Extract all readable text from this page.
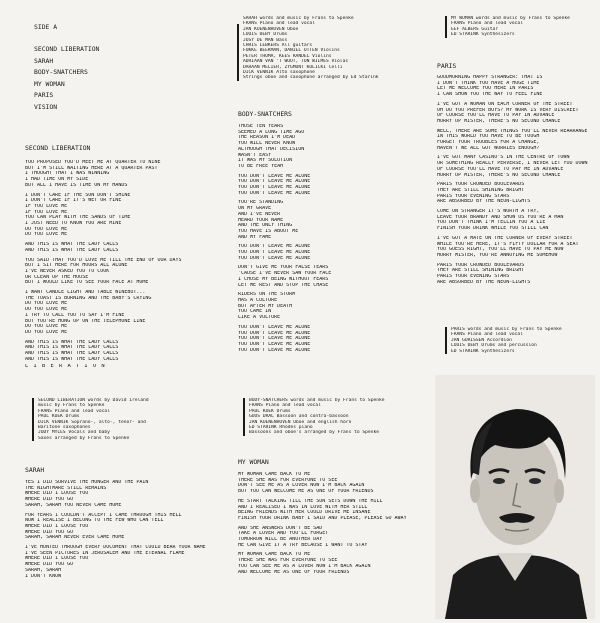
SIDE A
SECOND LIBERATION
SARAH
BODY-SNATCHERS
MY WOMAN
PARIS
VISION
SECOND LIBERATION
YOU PROPOSED YOU'D MEET ME AT QUARTER TO NINE
BUT I'M STILL WAITING HERE AT A QUARTER PAST
I THOUGHT THAT I WAS WINNING
I HAD TIME ON MY SIDE
BUT ALL I HAVE IS TIME ON MY HANDS
I DON'T CARE IF THE SUN DON'T SHINE
I DON'T CARE IF IT'S WET OR FINE
IF YOU LOVE ME
IF YOU LOVE ME
YOU CAN PLAY WITH THE SANDS OF TIME
I JUST NEED TO KNOW YOU ARE MINE
DO YOU LOVE ME
DO YOU LOVE ME
AND THIS IS WHAT THE LADY CALLS
AND THIS IS WHAT THE LADY CALLS
YOU SAID THAT YOU'D LOVE ME TILL THE END OF OUR DAYS
BUT I SIT HERE FOR HOURS ALL ALONE
I'VE NEVER ASKED YOU TO COOK
OR CLEAN UP THE HOUSE
BUT I WOULD LIKE TO SEE YOUR FACE AT HOME
I WANT CANDLE LIGHT AND TABLE WINEBUT...
THE TOAST IS BURNING AND THE BABY'S CRYING
DO YOU LOVE ME
DO YOU LOVE ME
I TRY TO CALL YOU TO SAY I'M FINE
BUT YOU'RE HUNG UP ON THE TELEPHONE LINE
DO YOU LOVE ME
DO YOU LOVE ME
AND THIS IS WHAT THE LADY CALLS
AND THIS IS WHAT THE LADY CALLS
AND THIS IS WHAT THE LADY CALLS
AND THIS IS WHAT THE LADY CALLS
L I B E R A T I O N
SECOND LIBERATION words by David Ireland
music by Frans to Spenke
FRANS Piano and lead vocal
PAUL KOEK Drums
DICK VENNIK Soprano-, alto-, tenor- and
Baritone saxophones
JODY MYLES Vocals and baby
Saxes arranged by Frans to Spenke
SARAH
YES I DID SURVIVE THE HUNGER AND THE PAIN
THE NIGHTMARE STILL REMAINS
WHERE DID I LOOSE YOU
WHERE DID YOU GO
SARAH, SARAH YOU NEVER CAME HOME
FOR YEARS I COULDN'T ACCEPT I CAME THROUGH THIS HELL
NOW I REALISE I BELONG TO THE FEW WHO CAN TELL
WHERE DID I LOOSE YOU
WHERE DID YOU GO
SARAH, SARAH NEVER EVER CAME HOME
I'VE HUNTED THROUGH EVERY DOCUMENT THAT COULD BEAR YOUR NAME
I'VE SEEN PICTURES IN JERUSALEM AND THE ETERNAL FLAME
WHERE DID I LOOSE YOU
WHERE DID YOU GO
SARAH, SARAH
I DON'T KNOW
SARAH words and music by Frans to Spenke
FRANS Piano and lead vocal
JAN KOENENHOVEN Oboe
LOUIS DEBY Drums
JOSY DE MAN Bass
CHRIS LEBKERS All guitars
FOKKE BEEKMAN, DANIEL OTTEN Violins
PETER THOMA, KEES RANDEL Violins
ADRIAAN VAN 'T WOUT, TON WILMES Violas
DARAAN MELIER, ZYGMUNT KULICKI Celli
DICK VENNIK Alto saxophone
Strings oboe and saxophone arranged by Ed Starink
BODY-SNATCHERS
THOSE TEN YEARS
SEEMED A LONG TIME AGO
THE REASON I'M DEAD
YOU WILL NEVER KNOW
ALTHOUGH THAT DECISION
WASN'T EASY
IT WAS MY SOLUTION
TO BE FREE YEAH
YOU DON'T LEAVE ME ALONE
YOU DON'T LEAVE ME ALONE
YOU DON'T LEAVE ME ALONE
YOU DON'T LEAVE ME ALONE
YOU'RE STANDING
ON MY GRAVE
AND I'VE NEVER
HEARD YOUR NAME
AND THE ONLY THING
YOU HAVE IS ABOUT ME
AND MY FAME
YOU DON'T LEAVE ME ALONE
YOU DON'T LEAVE ME ALONE
YOU DON'T LEAVE ME ALONE
DON'T GIVE ME YOUR FALSE TEARS
'CAUSE I'VE NEVER SAW YOUR FACE
I CHOSE MY BEING WITHOUT FEARS
LET ME REST AND STOP THE CHASE
RIDERS ON THE STORM
HAS A CULTURE
BUT AFTER MY DEATH
YOU CAME IN
LIKE A VULTURE
YOU DON'T LEAVE ME ALONE
YOU DON'T LEAVE ME ALONE
YOU DON'T LEAVE ME ALONE
YOU DON'T LEAVE ME ALONE
YOU DON'T LEAVE ME ALONE
BODY-SNATCHERS words and music by Frans to Spenke
FRANS Piano and lead vocal
PAUL KOEK Drums
GUUS DRAL Bassoon and contra-bassoon
JAN KOENENHOVEN Oboe and english horn
ED STARINK Rhodes piano
Bassoons and oboe's arranged by Frans to Spenke
MY WOMAN
MY WOMAN CAME BACK TO ME
THERE SHE WAS FOR EVERYONE TO SEE
DON'T SEE ME AS A LOVER NOW I'M BACK AGAIN
BUT YOU CAN WELCOME ME AS ONE OF YOUR FRIENDS
HE START TALKING TILL THE SUN SETS DOWN THE HILL
AND I REALISED I WAS IN LOVE WITH HER STILL
BEING FRIENDS WITH HER COULD DRIVE ME INSANE
FINISH YOUR DRINK BABY I SAID AND PLEASE, PLEASE GO AWAY
AND SHE ANSWERS DON'T BE SAD
TAKE A LOVER AND YOU'LL FORGET
TOMORROW WILL BE ANOTHER DAY
HE CAN GIVE IT A TRY BECAUSE I WANT TO STAY
MY WOMAN CAME BACK TO ME
THERE SHE WAS FOR EVERYONE TO SEE
YOU CAN SEE ME AS A LOVER NOW I'M BACK AGAIN
AND WELCOME ME AS ONE OF YOUR FRIENDS
MY WOMAN words and music by Frans to Spenke
FRANS Piano and lead vocal
EEF ALBERS Guitar
ED STARINK Synthesizers
PARIS
GOODMORNING HAPPY STRANGER: THAT IS
I DON'T THINK YOU HAVE A HUGE TIME
LET ME WELCOME YOU HERE IN PARIS
I CAN SHOW YOU THE WAY TO FEEL FINE
I'VE GOT A WOMAN ON EACH CORNER OF THE STREET
OH DO YOU PREFER BOYS? MY WORK IS VERY DISCREET
OF COURSE YOU'LL HAVE TO PAY IN ADVANCE
HURRY UP MISTER, THERE'S NO SECOND CHANCE
WELL, THERE ARE SOME THINGS YOU'LL NEVER REARRANGE
IN THIS WORLD YOU HAVE TO BE TOUGH
FORGET YOUR TROUBLES FOR A CHANGE,
HAVEN'T WE ALL GOT WORRIES ENOUGH?
I'VE GOT MANY CASINO'S IN THE CENTRE OF TOWN
OR SOMETHING REALLY PERVERSE, I NEVER LET YOU DOWN
OF COURSE YOU'LL HAVE TO PAY ME IN ADVANCE
HURRY UP MISTER, THERE'S NO SECOND CHANCE
PARIS YOUR CROWDED BOULEVARDS
THEY ARE STILL SHINING BRIGHT
PARIS YOUR EVENING STARS
ARE ABSORBED BY THE NEON-LIGHTS
COME ON STRANGER IT'S WORTH A TRY,
LEAVE YOUR BRANDY AND SHOW US YOU'RE A MAN
YOU DON'T THINK I'M TELLIN YOU A LIE
FINISH YOUR DRINK WHILE YOU STILL CAN
I'VE GOT A MATE ON THE CORNER OF EVERY STREET
WHILE YOU'RE HERE, IT'S FIFTY DOLLAR FOR A SEAT
YOU GUESS RIGHT, YOU'LL HAVE TO PAY ME NOW
HURRY MISTER, YOU'RE ANNOYING ME SOMEHOW
PARIS YOUR CROWDED BOULEVARDS
THEY ARE STILL SHINING BRIGHT
PARIS YOUR EVENING STARS
ARE ABSORBED BY THE NEON-LIGHTS
PARIS words and music by Frans to Spenke
FRANS Piano and lead vocal
JAN GORISSEN Accordion
LOUIS DEBY Drums and percussion
ED STARINK Synthesizers
